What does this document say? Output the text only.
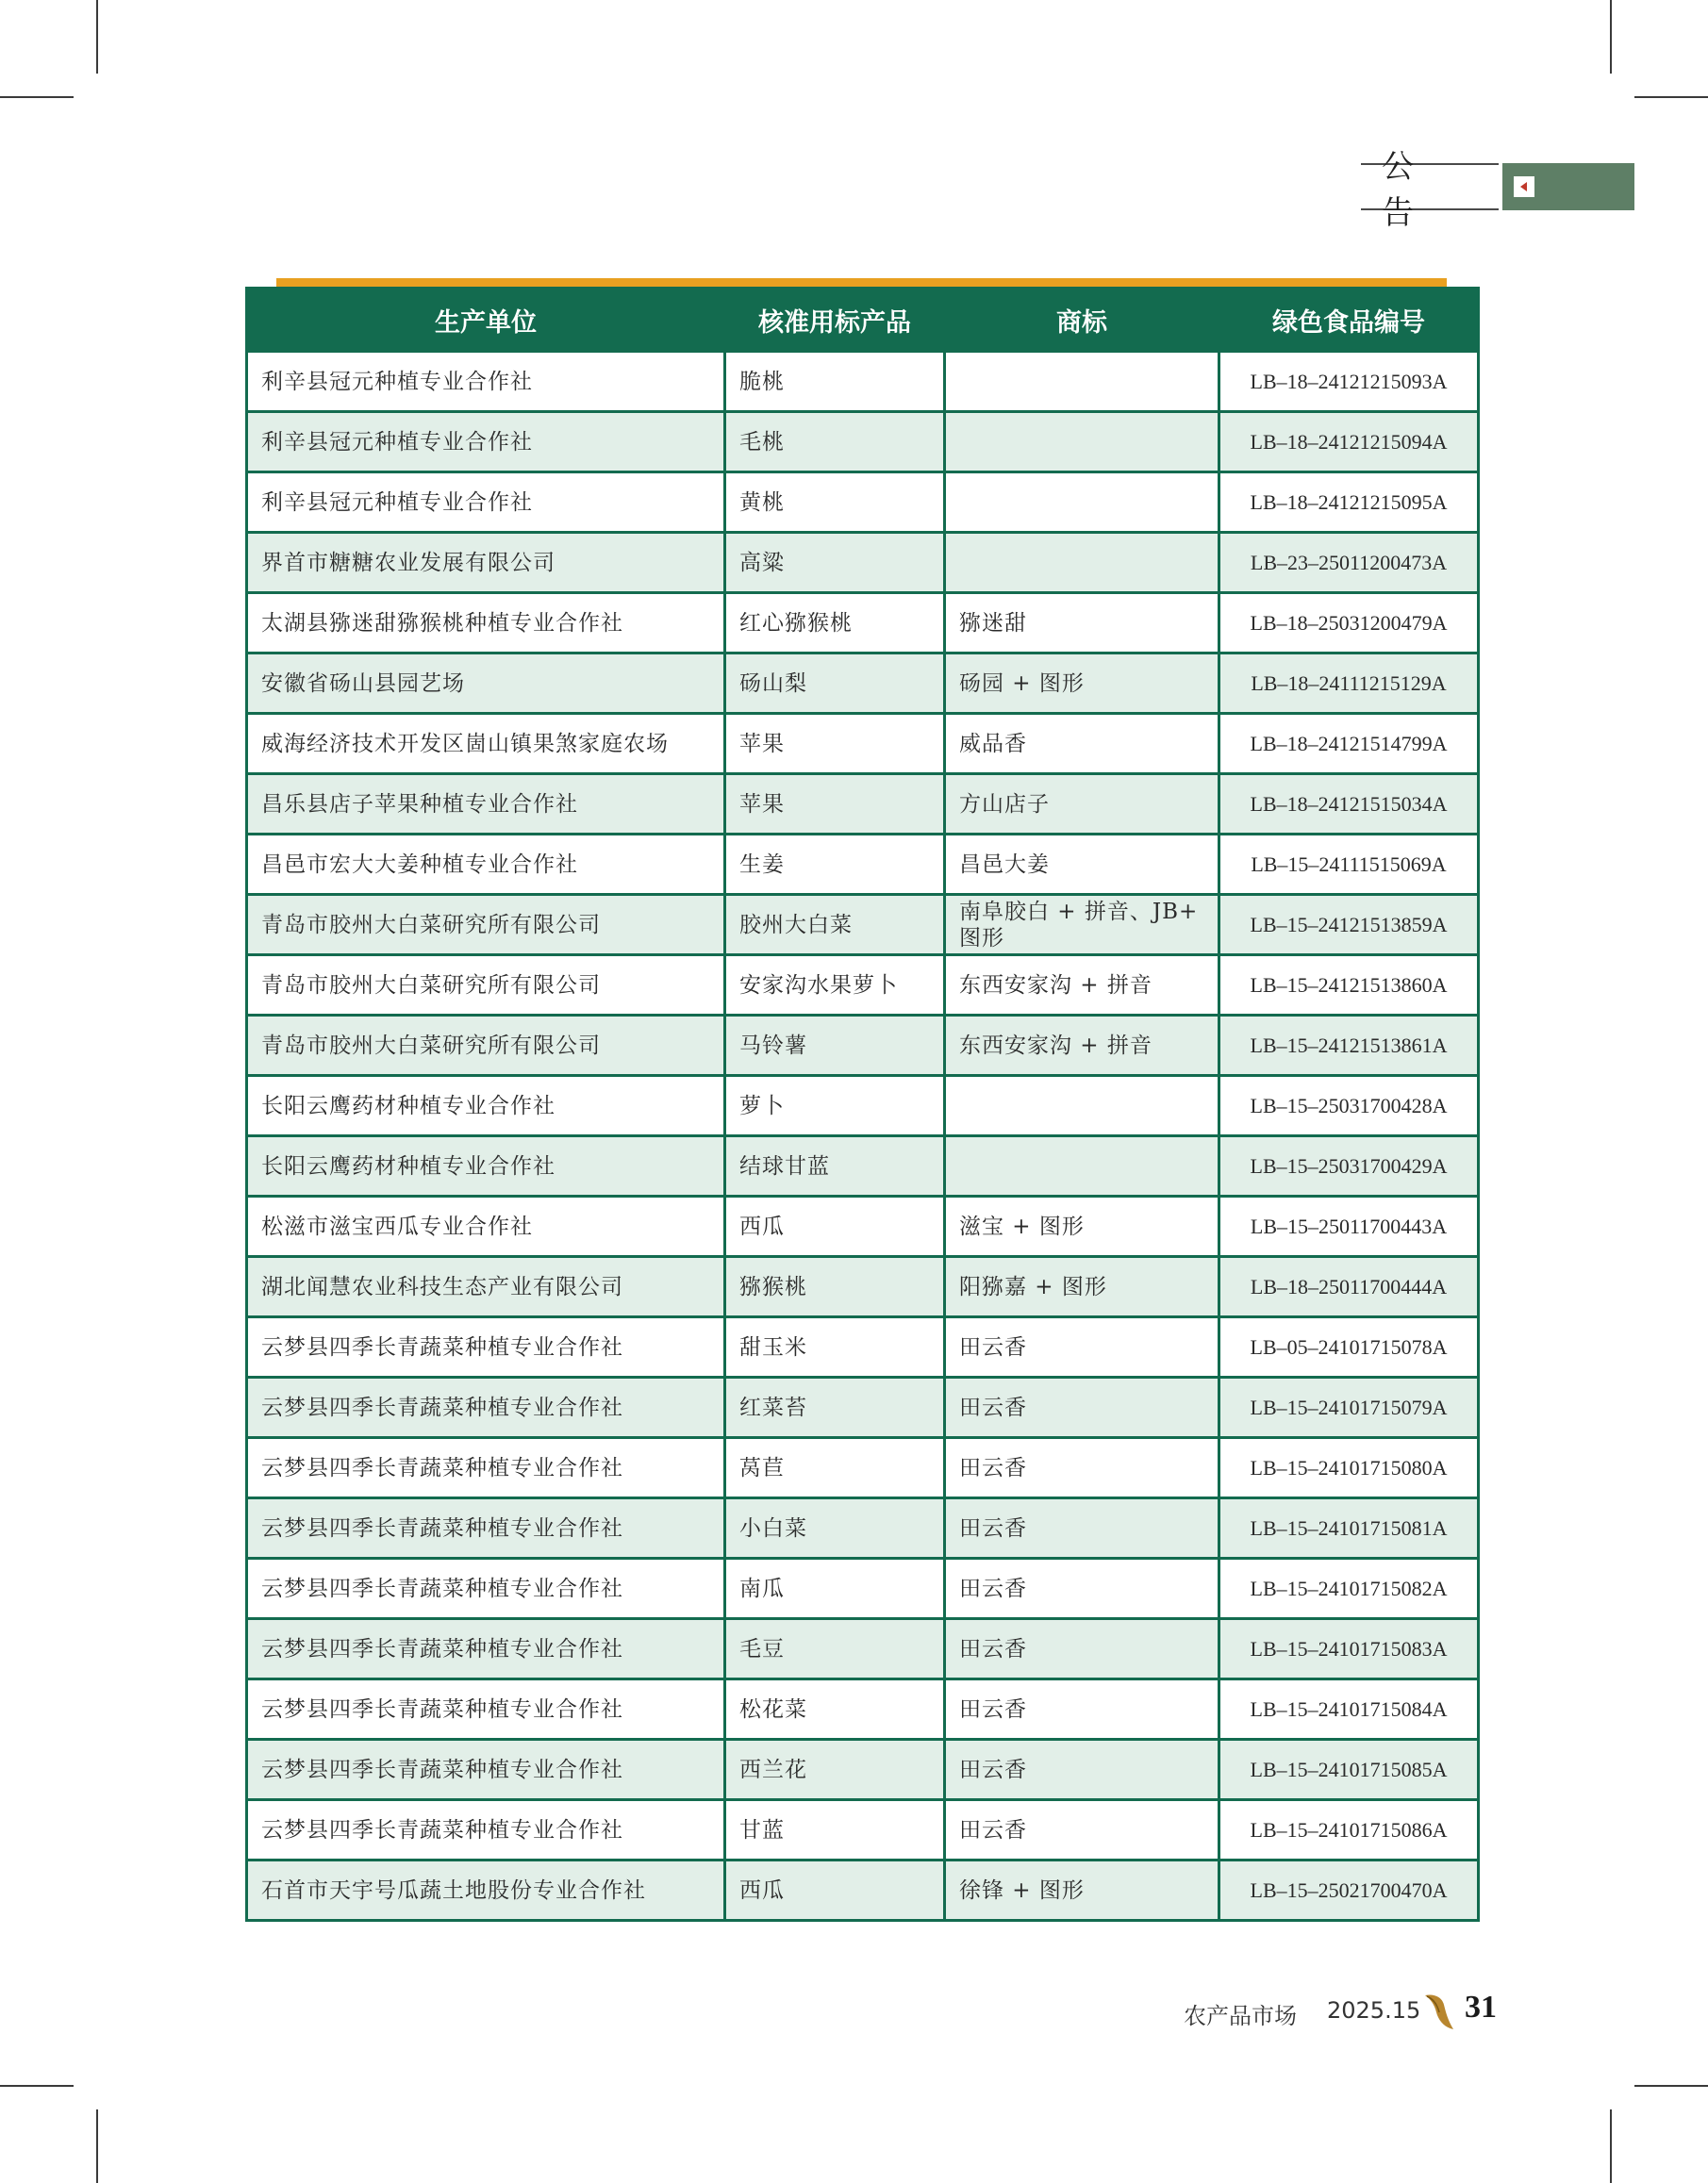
公 告
生产单位	核准用标产品	商标	绿色食品编号
利辛县冠元种植专业合作社	脆桃		LB–18–24121215093A
利辛县冠元种植专业合作社	毛桃		LB–18–24121215094A
利辛县冠元种植专业合作社	黄桃		LB–18–24121215095A
界首市糖糖农业发展有限公司	高粱		LB–23–25011200473A
太湖县猕迷甜猕猴桃种植专业合作社	红心猕猴桃	猕迷甜	LB–18–25031200479A
安徽省砀山县园艺场	砀山梨	砀园 + 图形	LB–18–24111215129A
威海经济技术开发区崮山镇果煞家庭农场	苹果	威品香	LB–18–24121514799A
昌乐县店子苹果种植专业合作社	苹果	方山店子	LB–18–24121515034A
昌邑市宏大大姜种植专业合作社	生姜	昌邑大姜	LB–15–24111515069A
青岛市胶州大白菜研究所有限公司	胶州大白菜	南阜胶白 + 拼音、JB+ 图形	LB–15–24121513859A
青岛市胶州大白菜研究所有限公司	安家沟水果萝卜	东西安家沟 + 拼音	LB–15–24121513860A
青岛市胶州大白菜研究所有限公司	马铃薯	东西安家沟 + 拼音	LB–15–24121513861A
长阳云鹰药材种植专业合作社	萝卜		LB–15–25031700428A
长阳云鹰药材种植专业合作社	结球甘蓝		LB–15–25031700429A
松滋市滋宝西瓜专业合作社	西瓜	滋宝 + 图形	LB–15–25011700443A
湖北闻慧农业科技生态产业有限公司	猕猴桃	阳猕嘉 + 图形	LB–18–25011700444A
云梦县四季长青蔬菜种植专业合作社	甜玉米	田云香	LB–05–24101715078A
云梦县四季长青蔬菜种植专业合作社	红菜苔	田云香	LB–15–24101715079A
云梦县四季长青蔬菜种植专业合作社	莴苣	田云香	LB–15–24101715080A
云梦县四季长青蔬菜种植专业合作社	小白菜	田云香	LB–15–24101715081A
云梦县四季长青蔬菜种植专业合作社	南瓜	田云香	LB–15–24101715082A
云梦县四季长青蔬菜种植专业合作社	毛豆	田云香	LB–15–24101715083A
云梦县四季长青蔬菜种植专业合作社	松花菜	田云香	LB–15–24101715084A
云梦县四季长青蔬菜种植专业合作社	西兰花	田云香	LB–15–24101715085A
云梦县四季长青蔬菜种植专业合作社	甘蓝	田云香	LB–15–24101715086A
石首市天宇号瓜蔬土地股份专业合作社	西瓜	徐锋 + 图形	LB–15–25021700470A
农产品市场 2025.15 31
